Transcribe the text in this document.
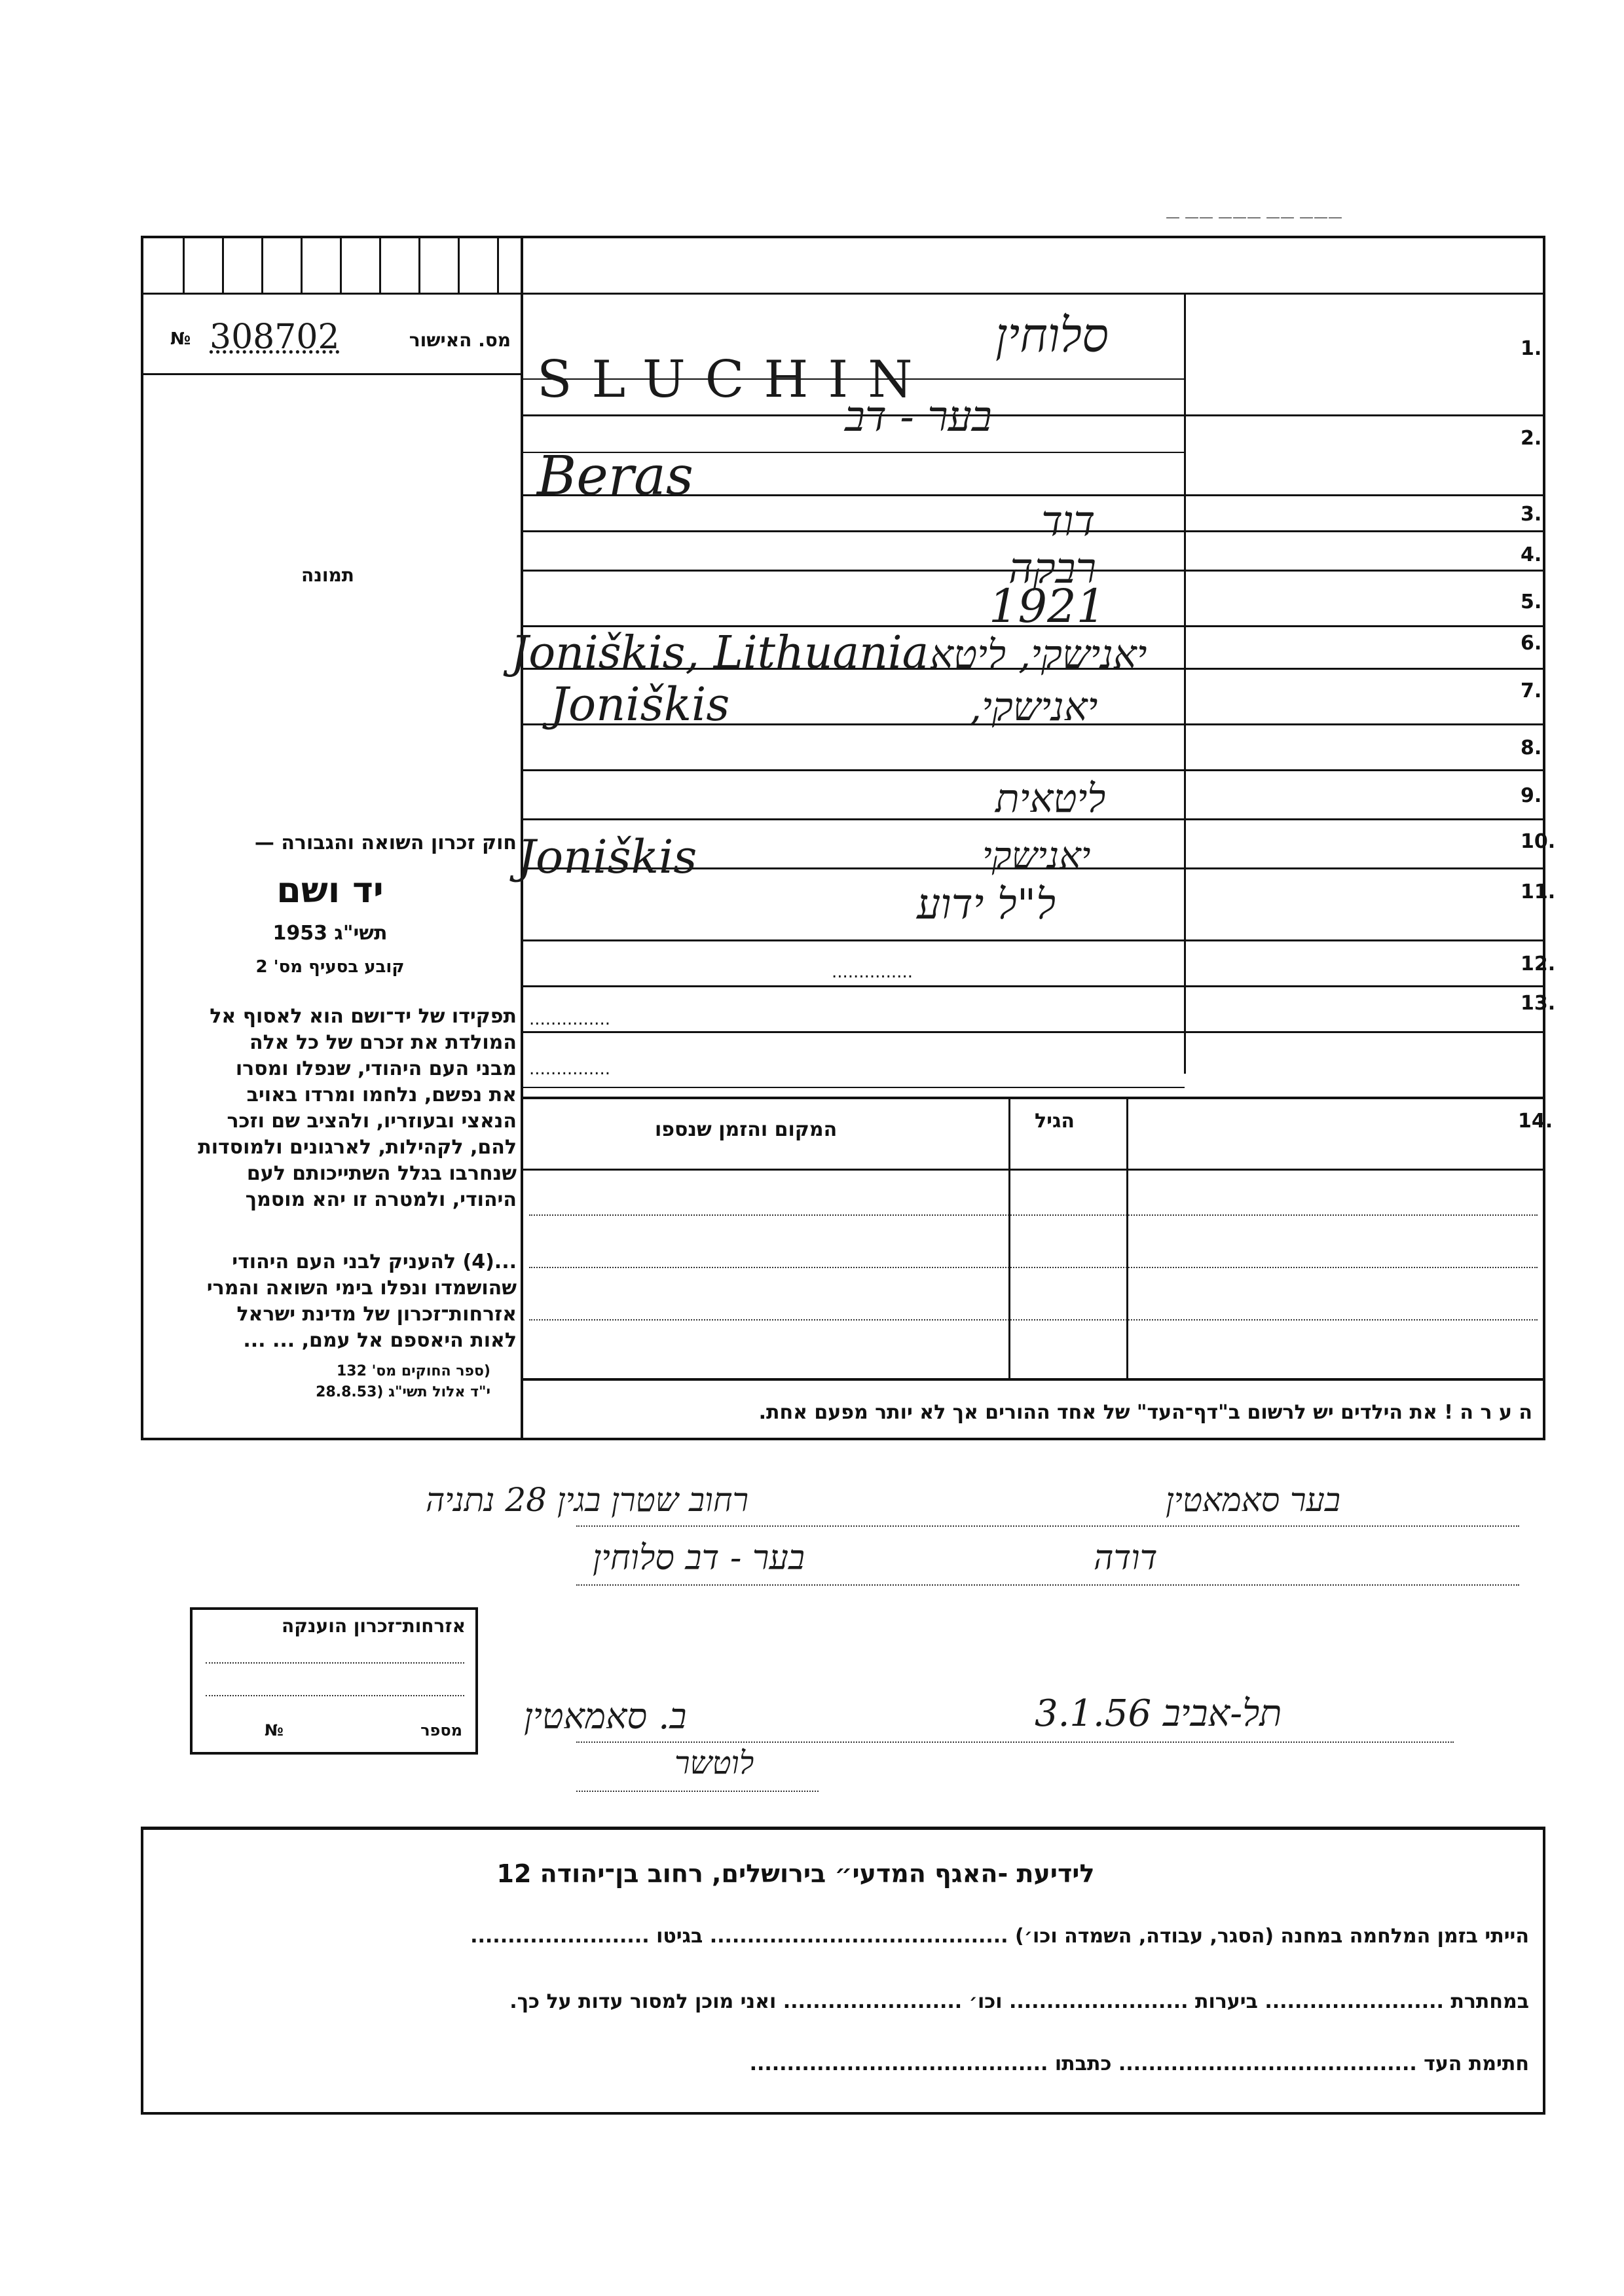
— —— ——— —— ———
№ 308702	מס. האישור
תמונה
1.
סלוחין
SLUCHIN
2.
בער - דב
Beras
3.
דוד
4.
רבקה
5.
1921
6.
Joniškis, Lithuania יאנישקי, ליטא
7.
Joniškis	יאנישקי,
8.
9.
ליטאית
10.
Joniškis	יאנישקי
11.
ל"ל ידוע
12.
...............
13.
...............
...............
14.
הגיל
המקום והזמן שנספו
ה ע ר ה ! את הילדים יש לרשום ב"דף־העד" של אחד ההורים אך לא יותר מפעם אחת.
חוק זכרון השואה והגבורה —
יד ושם
תשי"ג 1953
קובע בסעיף מס' 2
תפקידו של יד־ושם הוא לאסוף אל
המולדת את זכרם של כל אלה
מבני העם היהודי, שנפלו ומסרו
את נפשם, נלחמו ומרדו באויב
הנאצי ובעוזריו, ולהציב שם וזכר
להם, לקהילות, לארגונים ולמוסדות
שנחרבו בגלל השתייכותם לעם
היהודי, ולמטרה זו יהא מוסמך
...(4) להעניק לבני העם היהודי
שהושמדו ונפלו בימי השואה והמרי
אזרחות־זכרון של מדינת ישראל
לאות היאספם אל עמם, ... ...
(ספר החוקים מס' 132
י"ד אלול תשי"ג (28.8.53
בער סאמאטין
רחוב שטרן בגין 28 נתניה
דודה
בער - דב סלוחין
תל-אביב 3.1.56
ב. סאמאטין
לוטשר
אזרחות־זכרון הוענקה
מספר
№
לידיעת -האגף המדעי״ בירושלים, רחוב בן־יהודה 12
הייתי בזמן המלחמה במחנה (הסגר, עבודה, השמדה וכו׳) ........................................ בגיטו ........................
במחתרת ........................ ביערות ........................ וכו׳ ........................ ואני מוכן למסור עדות על כך.
חתימת העד ........................................ כתבתו ........................................
